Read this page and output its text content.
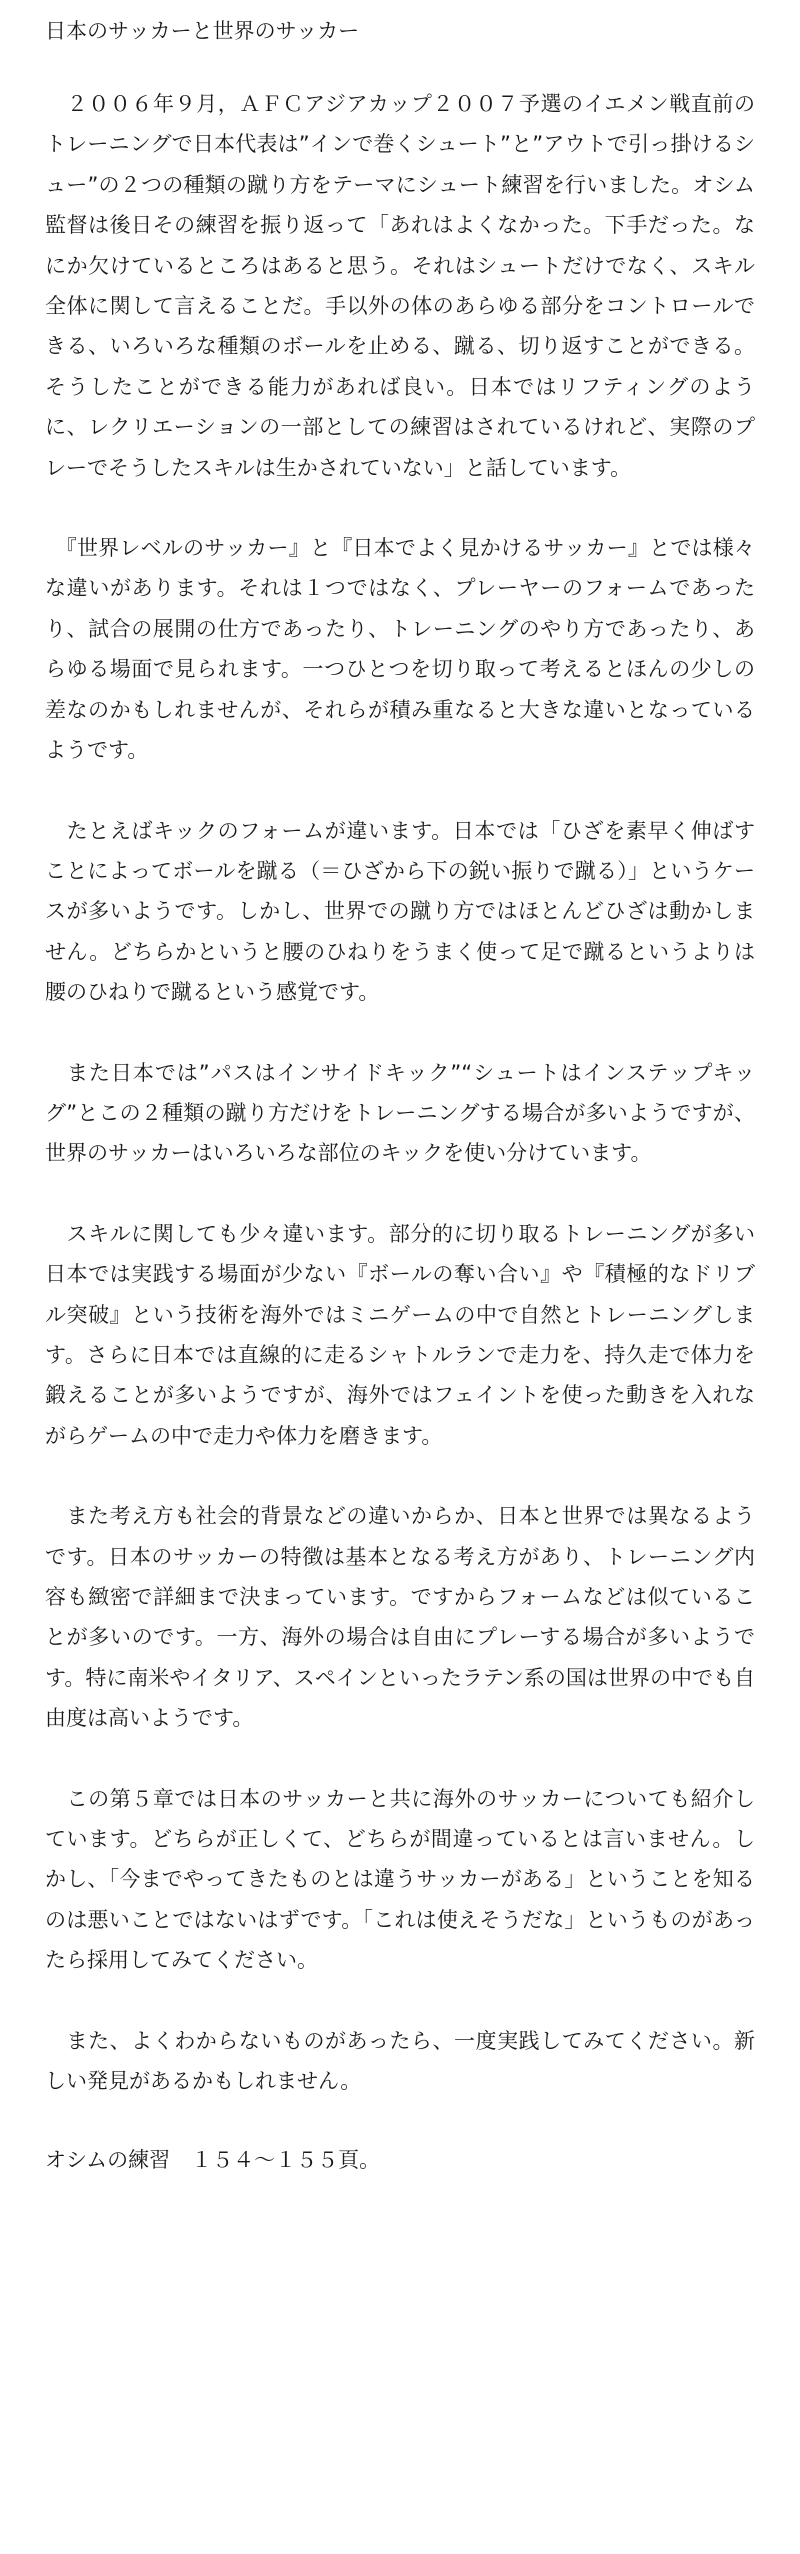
日本のサッカーと世界のサッカー

　２００６年９月，ＡＦＣアジアカップ２００７予選のイエメン戦直前のトレーニングで日本代表は”インで巻くシュート”と”アウトで引っ掛けるシュー”の２つの種類の蹴り方をテーマにシュート練習を行いました。オシム監督は後日その練習を振り返って「あれはよくなかった。下手だった。なにか欠けているところはあると思う。それはシュートだけでなく、スキル全体に関して言えることだ。手以外の体のあらゆる部分をコントロールできる、いろいろな種類のボールを止める、蹴る、切り返すことができる。そうしたことができる能力があれば良い。日本ではリフティングのように、レクリエーションの一部としての練習はされているけれど、実際のプレーでそうしたスキルは生かされていない」と話しています。

　『世界レベルのサッカー』と『日本でよく見かけるサッカー』とでは様々な違いがあります。それは１つではなく、プレーヤーのフォームであったり、試合の展開の仕方であったり、トレーニングのやり方であったり、あらゆる場面で見られます。一つひとつを切り取って考えるとほんの少しの差なのかもしれませんが、それらが積み重なると大きな違いとなっているようです。

　たとえばキックのフォームが違います。日本では「ひざを素早く伸ばすことによってボールを蹴る（＝ひざから下の鋭い振りで蹴る）」というケースが多いようです。しかし、世界での蹴り方ではほとんどひざは動かしません。どちらかというと腰のひねりをうまく使って足で蹴るというよりは腰のひねりで蹴るという感覚です。

　また日本では”パスはインサイドキック”“シュートはインステップキッグ”とこの２種類の蹴り方だけをトレーニングする場合が多いようですが、世界のサッカーはいろいろな部位のキックを使い分けています。

　スキルに関しても少々違います。部分的に切り取るトレーニングが多い日本では実践する場面が少ない『ボールの奪い合い』や『積極的なドリブル突破』という技術を海外ではミニゲームの中で自然とトレーニングします。さらに日本では直線的に走るシャトルランで走力を、持久走で体力を鍛えることが多いようですが、海外ではフェイントを使った動きを入れながらゲームの中で走力や体力を磨きます。

　また考え方も社会的背景などの違いからか、日本と世界では異なるようです。日本のサッカーの特徴は基本となる考え方があり、トレーニング内容も緻密で詳細まで決まっています。ですからフォームなどは似ていることが多いのです。一方、海外の場合は自由にプレーする場合が多いようです。特に南米やイタリア、スペインといったラテン系の国は世界の中でも自由度は高いようです。

　この第５章では日本のサッカーと共に海外のサッカーについても紹介しています。どちらが正しくて、どちらが間違っているとは言いません。しかし、「今までやってきたものとは違うサッカーがある」ということを知るのは悪いことではないはずです。「これは使えそうだな」というものがあったら採用してみてください。

　また、よくわからないものがあったら、一度実践してみてください。新しい発見があるかもしれません。

オシムの練習　１５４～１５５頁。
